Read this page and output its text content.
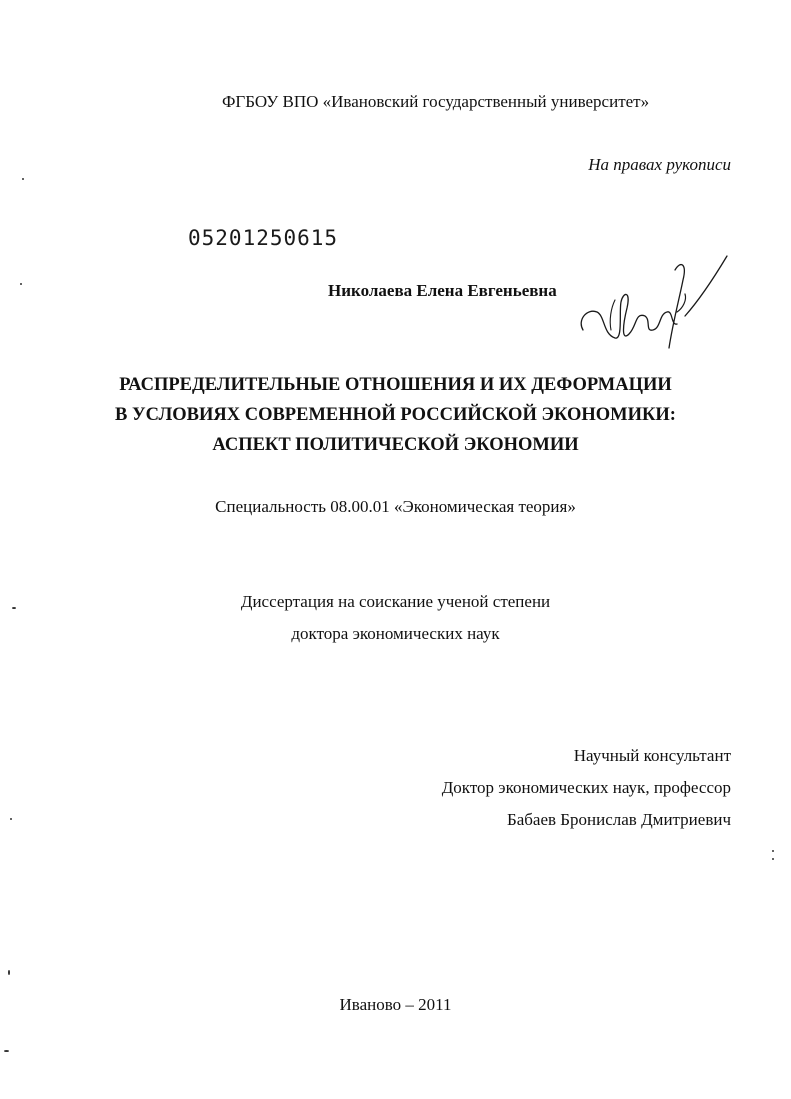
ФГБОУ ВПО «Ивановский государственный университет»
На правах рукописи
05201250615
Николаева Елена Евгеньевна
РАСПРЕДЕЛИТЕЛЬНЫЕ ОТНОШЕНИЯ И ИХ ДЕФОРМАЦИИ
В УСЛОВИЯХ СОВРЕМЕННОЙ РОССИЙСКОЙ ЭКОНОМИКИ:
АСПЕКТ ПОЛИТИЧЕСКОЙ ЭКОНОМИИ
Специальность 08.00.01 «Экономическая теория»
Диссертация на соискание ученой степени
доктора экономических наук
Научный консультант
Доктор экономических наук, профессор
Бабаев Бронислав Дмитриевич
Иваново – 2011
